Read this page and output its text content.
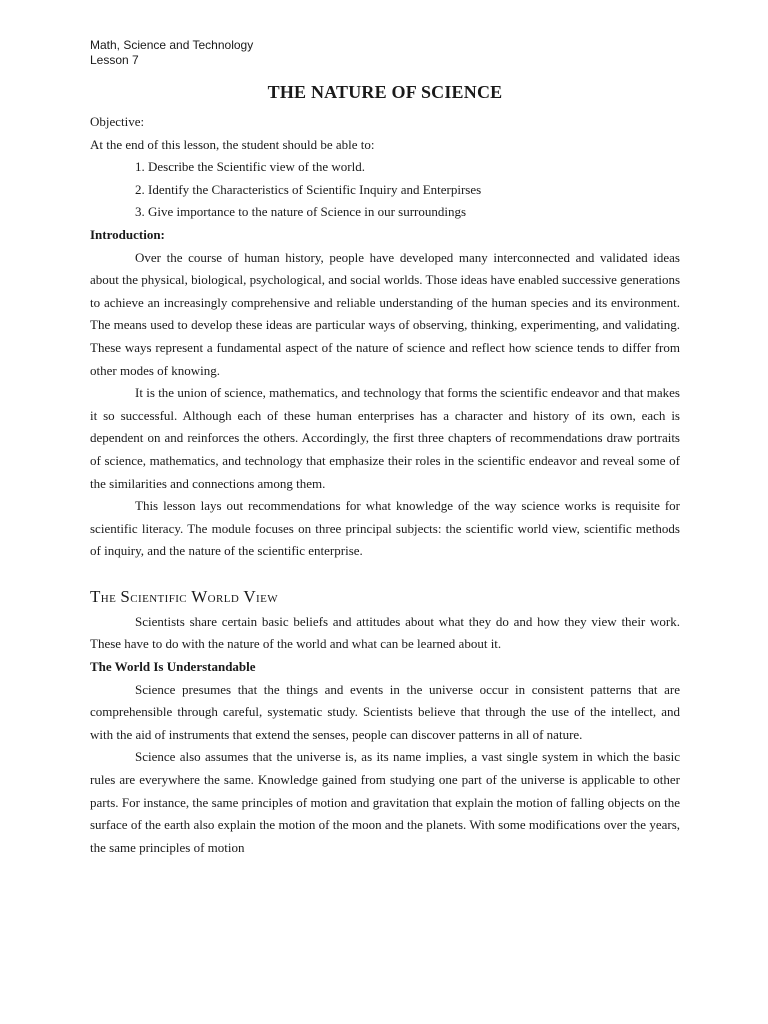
Math, Science and Technology
Lesson 7
THE NATURE OF SCIENCE

Objective:

At the end of this lesson, the student should be able to:

1. Describe the Scientific view of the world.

2. Identify the Characteristics of Scientific Inquiry and Enterpirses

3. Give importance to the nature of Science in our surroundings

Introduction:

Over the course of human history, people have developed many interconnected and validated ideas about the physical, biological, psychological, and social worlds. Those ideas have enabled successive generations to achieve an increasingly comprehensive and reliable understanding of the human species and its environment. The means used to develop these ideas are particular ways of observing, thinking, experimenting, and validating. These ways represent a fundamental aspect of the nature of science and reflect how science tends to differ from other modes of knowing.

It is the union of science, mathematics, and technology that forms the scientific endeavor and that makes it so successful. Although each of these human enterprises has a character and history of its own, each is dependent on and reinforces the others. Accordingly, the first three chapters of recommendations draw portraits of science, mathematics, and technology that emphasize their roles in the scientific endeavor and reveal some of the similarities and connections among them.

This lesson lays out recommendations for what knowledge of the way science works is requisite for scientific literacy. The module focuses on three principal subjects: the scientific world view, scientific methods of inquiry, and the nature of the scientific enterprise.

The Scientific World View

Scientists share certain basic beliefs and attitudes about what they do and how they view their work. These have to do with the nature of the world and what can be learned about it.

The World Is Understandable

Science presumes that the things and events in the universe occur in consistent patterns that are comprehensible through careful, systematic study. Scientists believe that through the use of the intellect, and with the aid of instruments that extend the senses, people can discover patterns in all of nature.

Science also assumes that the universe is, as its name implies, a vast single system in which the basic rules are everywhere the same. Knowledge gained from studying one part of the universe is applicable to other parts. For instance, the same principles of motion and gravitation that explain the motion of falling objects on the surface of the earth also explain the motion of the moon and the planets. With some modifications over the years, the same principles of motion
